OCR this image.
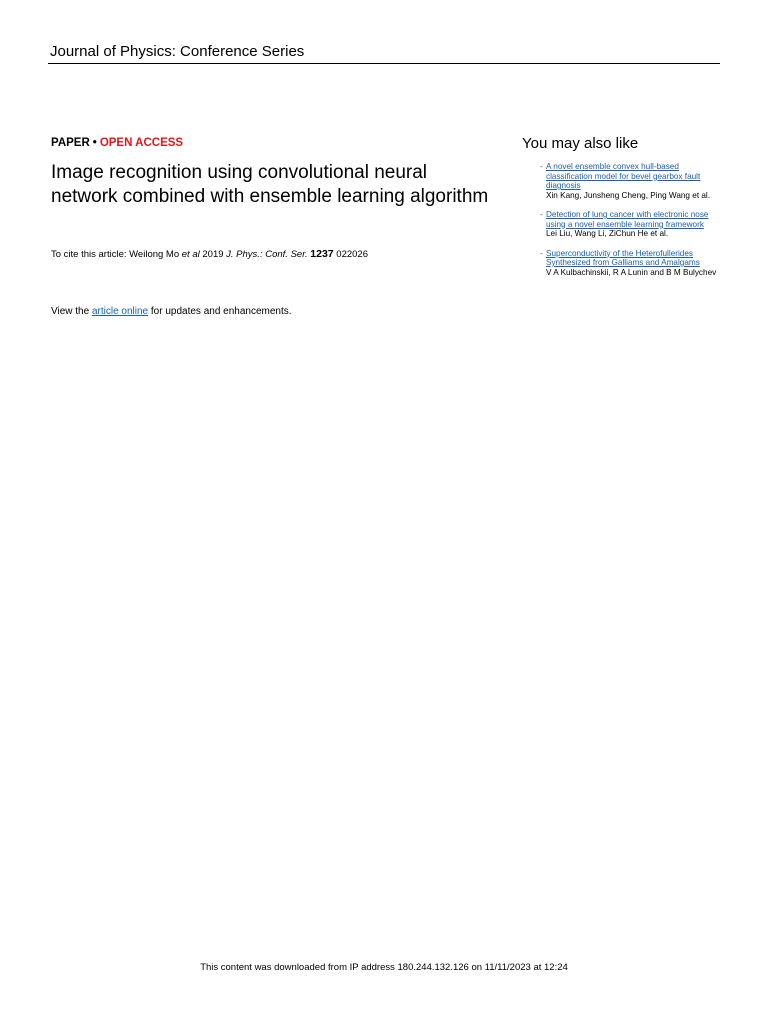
Journal of Physics: Conference Series
PAPER • OPEN ACCESS
Image recognition using convolutional neural network combined with ensemble learning algorithm
To cite this article: Weilong Mo et al 2019 J. Phys.: Conf. Ser. 1237 022026
View the article online for updates and enhancements.
You may also like
- A novel ensemble convex hull-based classification model for bevel gearbox fault diagnosis
Xin Kang, Junsheng Cheng, Ping Wang et al.
- Detection of lung cancer with electronic nose using a novel ensemble learning framework
Lei Liu, Wang Li, ZiChun He et al.
- Superconductivity of the Heterofullerides Synthesized from Galliams and Amalgams
V A Kulbachinskii, R A Lunin and B M Bulychev
This content was downloaded from IP address 180.244.132.126 on 11/11/2023 at 12:24
